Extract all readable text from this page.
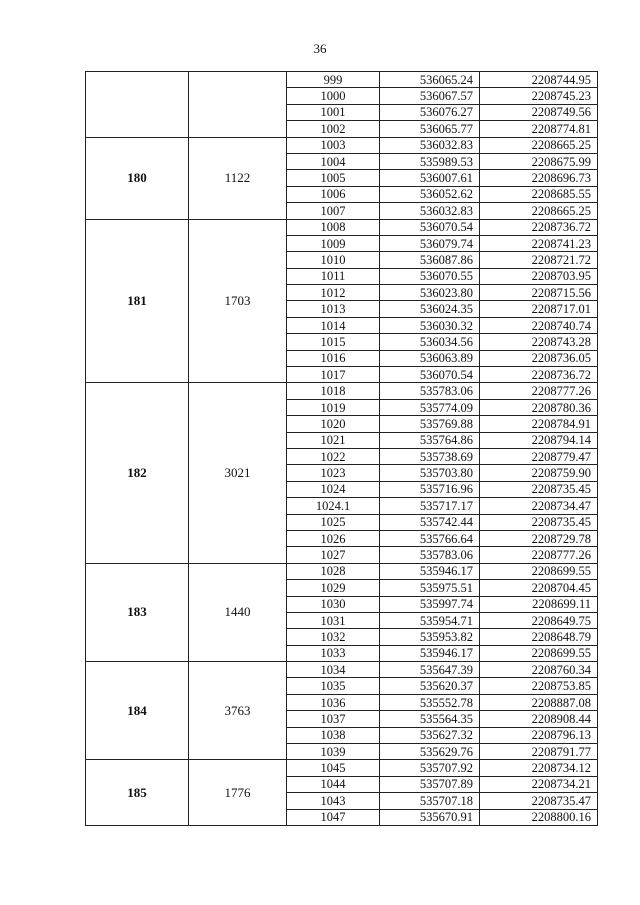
36
		999	536065.24	2208744.95
		1000	536067.57	2208745.23
		1001	536076.27	2208749.56
		1002	536065.77	2208774.81
180	1122	1003	536032.83	2208665.25
		1004	535989.53	2208675.99
		1005	536007.61	2208696.73
		1006	536052.62	2208685.55
		1007	536032.83	2208665.25
181	1703	1008	536070.54	2208736.72
		1009	536079.74	2208741.23
		1010	536087.86	2208721.72
		1011	536070.55	2208703.95
		1012	536023.80	2208715.56
		1013	536024.35	2208717.01
		1014	536030.32	2208740.74
		1015	536034.56	2208743.28
		1016	536063.89	2208736.05
		1017	536070.54	2208736.72
182	3021	1018	535783.06	2208777.26
		1019	535774.09	2208780.36
		1020	535769.88	2208784.91
		1021	535764.86	2208794.14
		1022	535738.69	2208779.47
		1023	535703.80	2208759.90
		1024	535716.96	2208735.45
		1024.1	535717.17	2208734.47
		1025	535742.44	2208735.45
		1026	535766.64	2208729.78
		1027	535783.06	2208777.26
183	1440	1028	535946.17	2208699.55
		1029	535975.51	2208704.45
		1030	535997.74	2208699.11
		1031	535954.71	2208649.75
		1032	535953.82	2208648.79
		1033	535946.17	2208699.55
184	3763	1034	535647.39	2208760.34
		1035	535620.37	2208753.85
		1036	535552.78	2208887.08
		1037	535564.35	2208908.44
		1038	535627.32	2208796.13
		1039	535629.76	2208791.77
185	1776	1045	535707.92	2208734.12
		1044	535707.89	2208734.21
		1043	535707.18	2208735.47
		1047	535670.91	2208800.16
